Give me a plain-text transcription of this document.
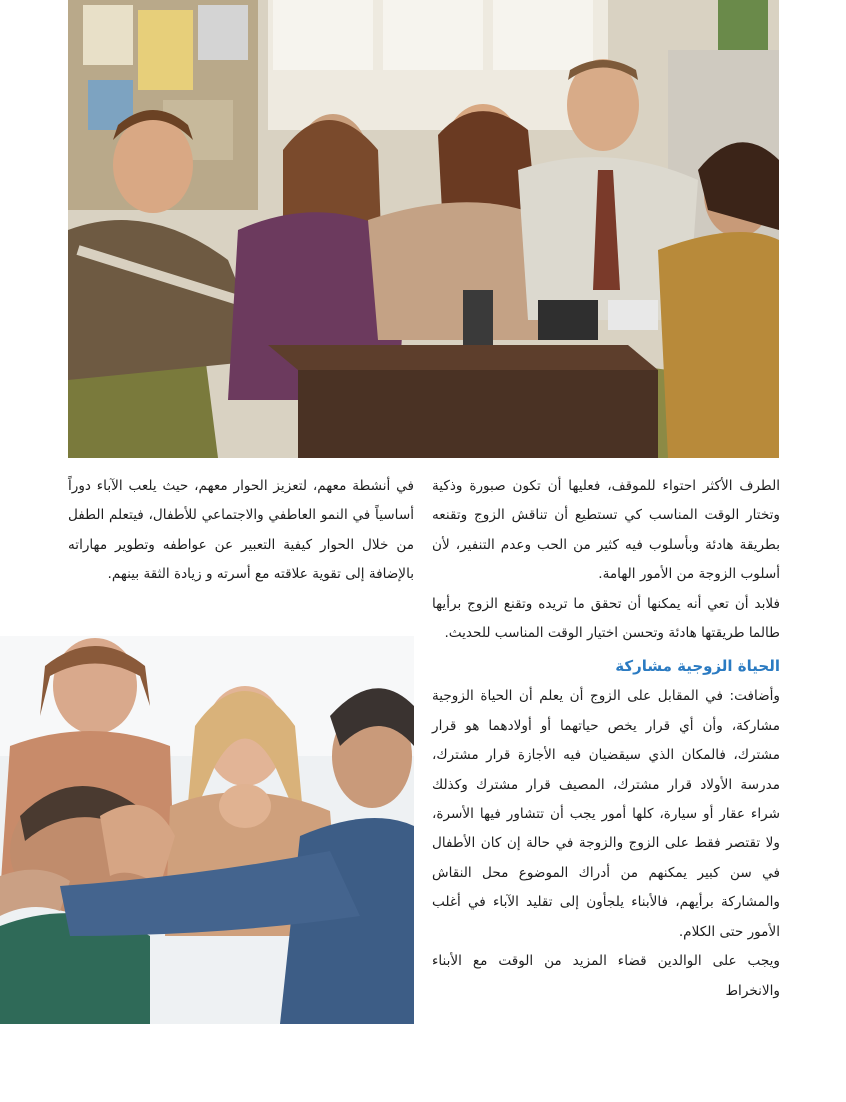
الطرف الأكثر احتواء للموقف، فعليها أن تكون صبورة وذكية وتختار الوقت المناسب كي تستطيع أن تناقش الزوج وتقنعه بطريقة هادئة وبأسلوب فيه كثير من الحب وعدم التنفير، لأن أسلوب الزوجة من الأمور الهامة.

فلابد أن تعي أنه يمكنها أن تحقق ما تريده وتقنع الزوج برأيها طالما طريقتها هادئة وتحسن اختيار الوقت المناسب للحديث.

الحياة الزوجية مشاركة

وأضافت: في المقابل على الزوج أن يعلم أن الحياة الزوجية مشاركة، وأن أي قرار يخص حياتهما أو أولادهما هو قرار مشترك، فالمكان الذي سيقضيان فيه الأجازة قرار مشترك، مدرسة الأولاد قرار مشترك، المصيف قرار مشترك وكذلك شراء عقار أو سيارة، كلها أمور يجب أن تتشاور فيها الأسرة، ولا تقتصر فقط على الزوج والزوجة في حالة إن كان الأطفال في سن كبير يمكنهم من أدراك الموضوع محل النقاش والمشاركة برأيهم، فالأبناء يلجأون إلى تقليد الآباء في أغلب الأمور حتى الكلام.

ويجب على الوالدين قضاء المزيد من الوقت مع الأبناء والانخراط

في أنشطة معهم، لتعزيز الحوار معهم، حيث يلعب الآباء دوراً أساسياً في النمو العاطفي والاجتماعي للأطفال، فيتعلم الطفل من خلال الحوار كيفية التعبير عن عواطفه وتطوير مهاراته بالإضافة إلى تقوية علاقته مع أسرته و زيادة الثقة بينهم.
